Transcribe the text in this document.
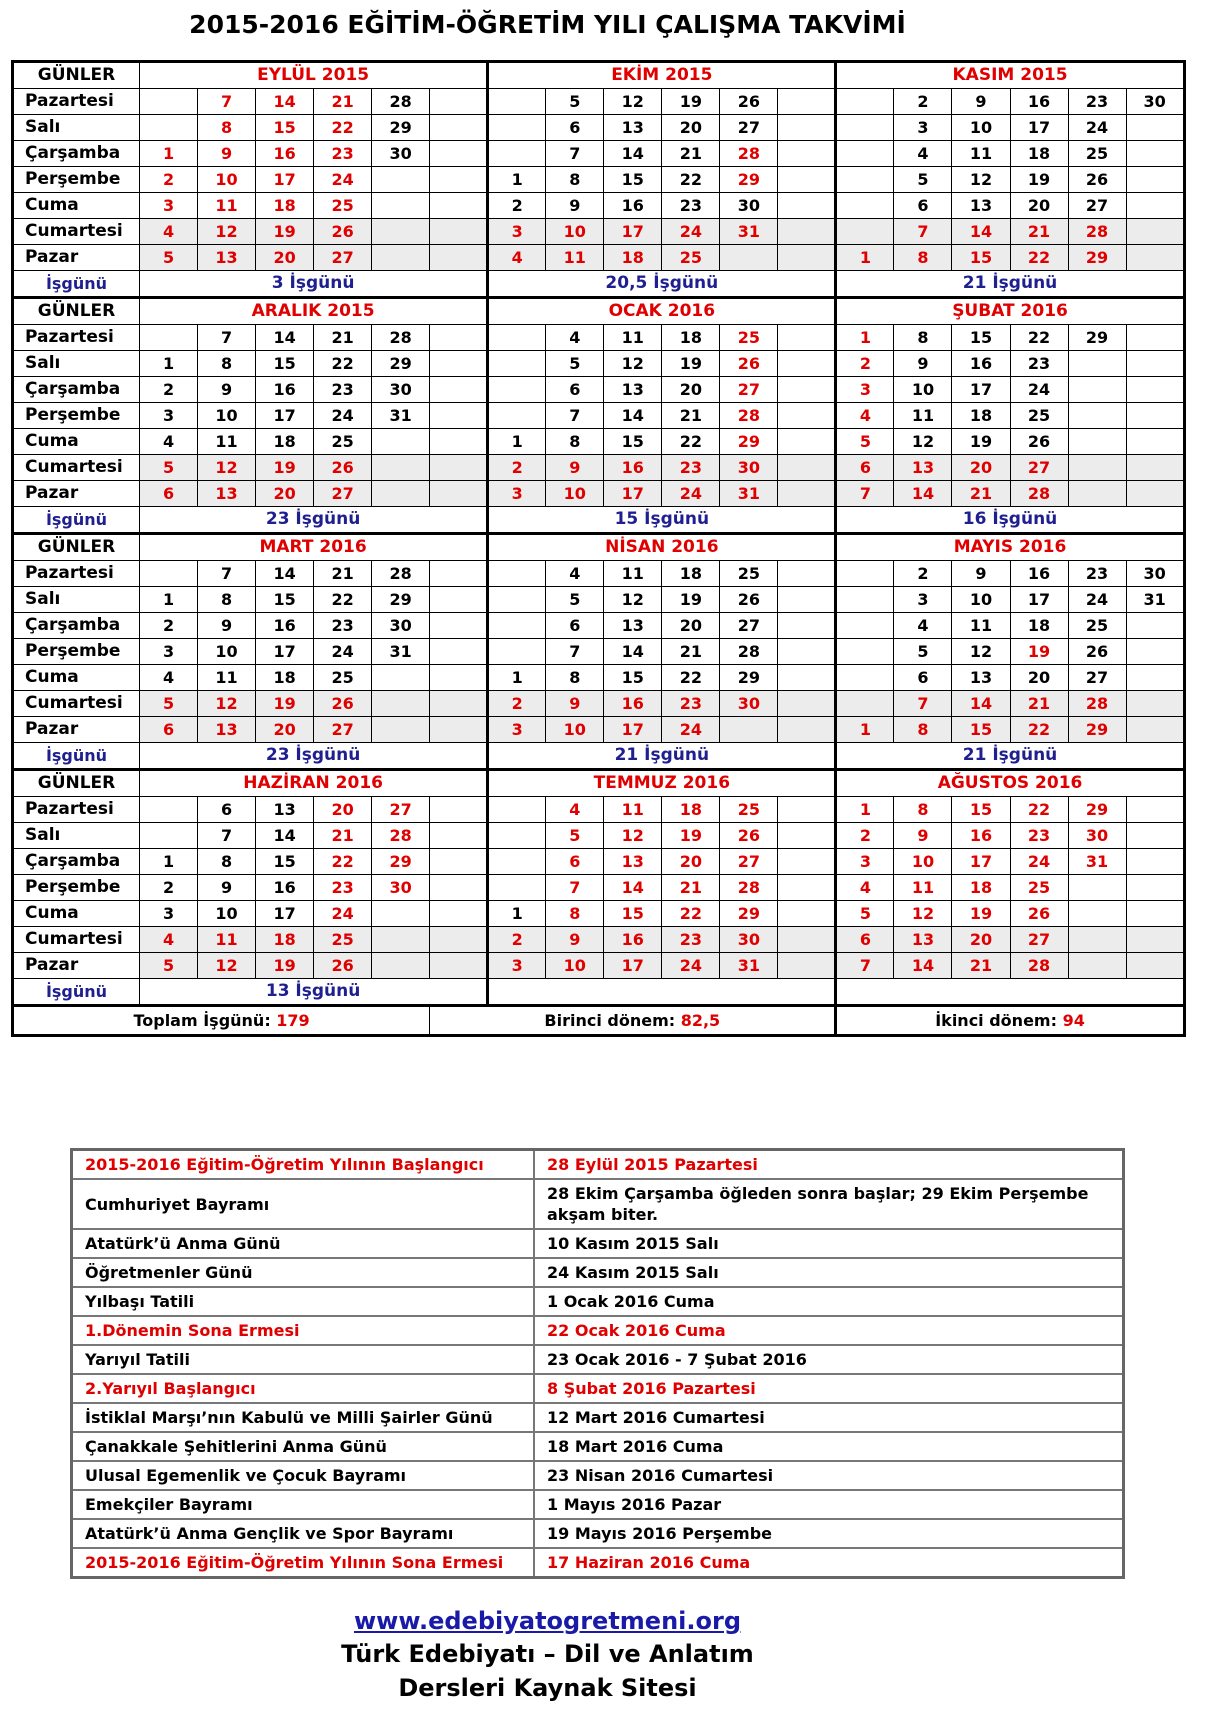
2015-2016 EĞİTİM-ÖĞRETİM YILI ÇALIŞMA TAKVİMİ
GÜNLER	EYLÜL 2015						EKİM 2015						KASIM 2015					
Pazartesi		7	14	21	28			5	12	19	26			2	9	16	23	30
Salı		8	15	22	29			6	13	20	27			3	10	17	24	
Çarşamba	1	9	16	23	30			7	14	21	28			4	11	18	25	
Perşembe	2	10	17	24			1	8	15	22	29			5	12	19	26	
Cuma	3	11	18	25			2	9	16	23	30			6	13	20	27	
Cumartesi	4	12	19	26			3	10	17	24	31			7	14	21	28	
Pazar	5	13	20	27			4	11	18	25			1	8	15	22	29	
İşgünü	3 İşgünü						20,5 İşgünü						21 İşgünü					
GÜNLER	ARALIK 2015						OCAK 2016						ŞUBAT 2016					
Pazartesi		7	14	21	28			4	11	18	25		1	8	15	22	29	
Salı	1	8	15	22	29			5	12	19	26		2	9	16	23		
Çarşamba	2	9	16	23	30			6	13	20	27		3	10	17	24		
Perşembe	3	10	17	24	31			7	14	21	28		4	11	18	25		
Cuma	4	11	18	25			1	8	15	22	29		5	12	19	26		
Cumartesi	5	12	19	26			2	9	16	23	30		6	13	20	27		
Pazar	6	13	20	27			3	10	17	24	31		7	14	21	28		
İşgünü	23 İşgünü						15 İşgünü						16 İşgünü					
GÜNLER	MART 2016						NİSAN 2016						MAYIS 2016					
Pazartesi		7	14	21	28			4	11	18	25			2	9	16	23	30
Salı	1	8	15	22	29			5	12	19	26			3	10	17	24	31
Çarşamba	2	9	16	23	30			6	13	20	27			4	11	18	25	
Perşembe	3	10	17	24	31			7	14	21	28			5	12	19	26	
Cuma	4	11	18	25			1	8	15	22	29			6	13	20	27	
Cumartesi	5	12	19	26			2	9	16	23	30			7	14	21	28	
Pazar	6	13	20	27			3	10	17	24			1	8	15	22	29	
İşgünü	23 İşgünü						21 İşgünü						21 İşgünü					
GÜNLER	HAZİRAN 2016						TEMMUZ 2016						AĞUSTOS 2016					
Pazartesi		6	13	20	27			4	11	18	25		1	8	15	22	29	
Salı		7	14	21	28			5	12	19	26		2	9	16	23	30	
Çarşamba	1	8	15	22	29			6	13	20	27		3	10	17	24	31	
Perşembe	2	9	16	23	30			7	14	21	28		4	11	18	25		
Cuma	3	10	17	24			1	8	15	22	29		5	12	19	26		
Cumartesi	4	11	18	25			2	9	16	23	30		6	13	20	27		
Pazar	5	12	19	26			3	10	17	24	31		7	14	21	28		
İşgünü	13 İşgünü																	
Toplam İşgünü: 179						Birinci dönem: 82,5							İkinci dönem: 94					
2015-2016 Eğitim-Öğretim Yılının Başlangıcı	28 Eylül 2015 Pazartesi
Cumhuriyet Bayramı	28 Ekim Çarşamba öğleden sonra başlar; 29 Ekim Perşembe akşam biter.
Atatürk’ü Anma Günü	10 Kasım 2015 Salı
Öğretmenler Günü	24 Kasım 2015 Salı
Yılbaşı Tatili	1 Ocak 2016 Cuma
1.Dönemin Sona Ermesi	22 Ocak 2016 Cuma
Yarıyıl Tatili	23 Ocak 2016 - 7 Şubat 2016
2.Yarıyıl Başlangıcı	8 Şubat 2016 Pazartesi
İstiklal Marşı’nın Kabulü ve Milli Şairler Günü	12 Mart 2016 Cumartesi
Çanakkale Şehitlerini Anma Günü	18 Mart 2016 Cuma
Ulusal Egemenlik ve Çocuk Bayramı	23 Nisan 2016 Cumartesi
Emekçiler Bayramı	1 Mayıs 2016 Pazar
Atatürk’ü Anma Gençlik ve Spor Bayramı	19 Mayıs 2016 Perşembe
2015-2016 Eğitim-Öğretim Yılının Sona Ermesi	17 Haziran 2016 Cuma
www.edebiyatogretmeni.org
Türk Edebiyatı – Dil ve Anlatım
Dersleri Kaynak Sitesi
